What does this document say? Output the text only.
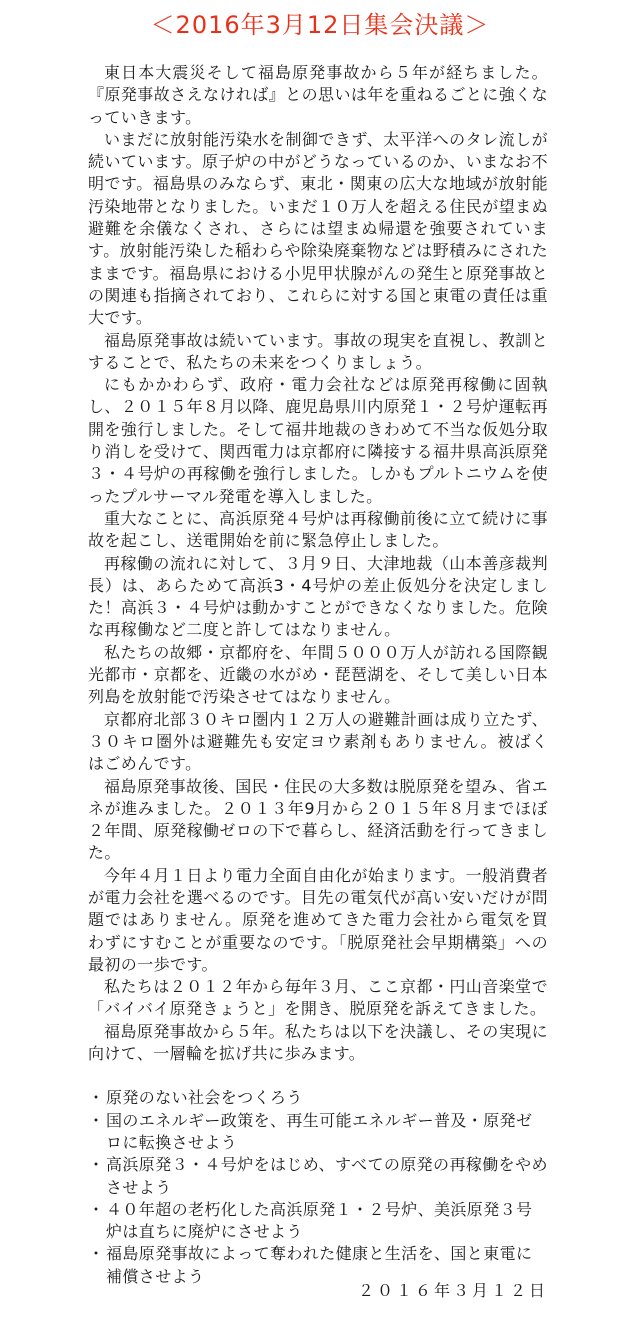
＜2016年3月12日集会決議＞

東日本大震災そして福島原発事故から５年が経ちました。『原発事故さえなければ』との思いは年を重ねるごとに強くなっていきます。

いまだに放射能汚染水を制御できず、太平洋へのタレ流しが続いています。原子炉の中がどうなっているのか、いまなお不明です。福島県のみならず、東北・関東の広大な地域が放射能汚染地帯となりました。いまだ１０万人を超える住民が望まぬ避難を余儀なくされ、さらには望まぬ帰還を強要されています。放射能汚染した稲わらや除染廃棄物などは野積みにされたままです。福島県における小児甲状腺がんの発生と原発事故との関連も指摘されており、これらに対する国と東電の責任は重大です。

福島原発事故は続いています。事故の現実を直視し、教訓とすることで、私たちの未来をつくりましょう。

にもかかわらず、政府・電力会社などは原発再稼働に固執し、２０１５年８月以降、鹿児島県川内原発１・２号炉運転再開を強行しました。そして福井地裁のきわめて不当な仮処分取り消しを受けて、関西電力は京都府に隣接する福井県高浜原発３・４号炉の再稼働を強行しました。しかもプルトニウムを使ったプルサーマル発電を導入しました。

重大なことに、高浜原発４号炉は再稼働前後に立て続けに事故を起こし、送電開始を前に緊急停止しました。

再稼働の流れに対して、３月９日、大津地裁（山本善彦裁判長）は、あらためて高浜3・4号炉の差止仮処分を決定しました！高浜３・４号炉は動かすことができなくなりました。危険な再稼働など二度と許してはなりません。

私たちの故郷・京都府を、年間５０００万人が訪れる国際観光都市・京都を、近畿の水がめ・琵琶湖を、そして美しい日本列島を放射能で汚染させてはなりません。

京都府北部３０キロ圏内１２万人の避難計画は成り立たず、３０キロ圏外は避難先も安定ヨウ素剤もありません。被ばくはごめんです。

福島原発事故後、国民・住民の大多数は脱原発を望み、省エネが進みました。２０１３年9月から２０１５年８月までほぼ２年間、原発稼働ゼロの下で暮らし、経済活動を行ってきました。

今年４月１日より電力全面自由化が始まります。一般消費者が電力会社を選べるのです。目先の電気代が高い安いだけが問題ではありません。原発を進めてきた電力会社から電気を買わずにすむことが重要なのです。「脱原発社会早期構築」への最初の一歩です。

私たちは２０１２年から毎年３月、ここ京都・円山音楽堂で「バイバイ原発きょうと」を開き、脱原発を訴えてきました。

福島原発事故から５年。私たちは以下を決議し、その実現に向けて、一層輪を拡げ共に歩みます。

・ 原発のない社会をつくろう
・ 国のエネルギー政策を、再生可能エネルギー普及・原発ゼロに転換させよう
・ 高浜原発３・４号炉をはじめ、すべての原発の再稼働をやめさせよう
・ ４０年超の老朽化した高浜原発１・２号炉、美浜原発３号炉は直ちに廃炉にさせよう
・ 福島原発事故によって奪われた健康と生活を、国と東電に補償させよう
２０１６年３月１２日
